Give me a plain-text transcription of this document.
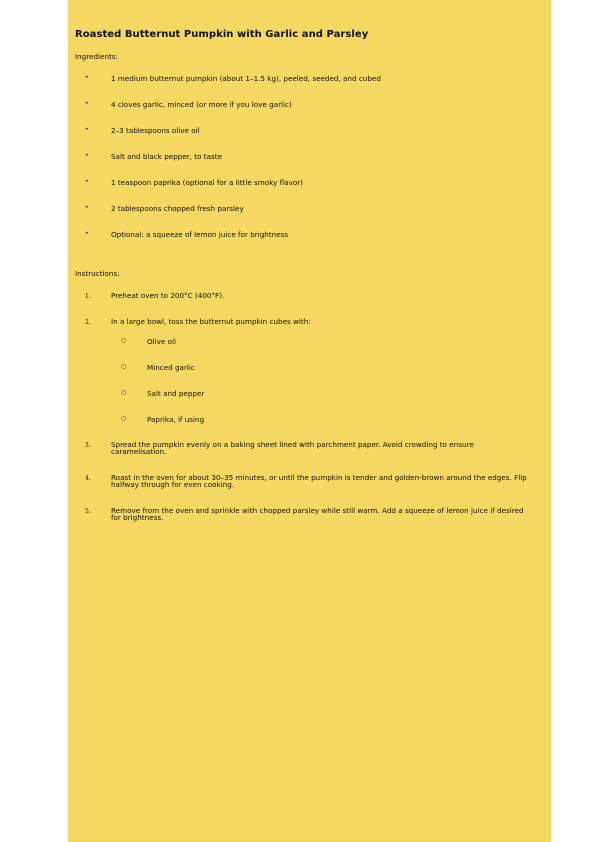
Roasted Butternut Pumpkin with Garlic and Parsley
Ingredients:
•	1 medium butternut pumpkin (about 1–1.5 kg), peeled, seeded, and cubed
•	4 cloves garlic, minced (or more if you love garlic)
•	2–3 tablespoons olive oil
•	Salt and black pepper, to taste
•	1 teaspoon paprika (optional for a little smoky flavor)
•	2 tablespoons chopped fresh parsley
•	Optional: a squeeze of lemon juice for brightness
Instructions:
1.	Preheat oven to 200°C (400°F).
2.	In a large bowl, toss the butternut pumpkin cubes with:
○	Olive oil
○	Minced garlic
○	Salt and pepper
○	Paprika, if using
3.	Spread the pumpkin evenly on a baking sheet lined with parchment paper. Avoid crowding to ensure caramelisation.
4.	Roast in the oven for about 30–35 minutes, or until the pumpkin is tender and golden-brown around the edges. Flip halfway through for even cooking.
5.	Remove from the oven and sprinkle with chopped parsley while still warm. Add a squeeze of lemon juice if desired for brightness.
